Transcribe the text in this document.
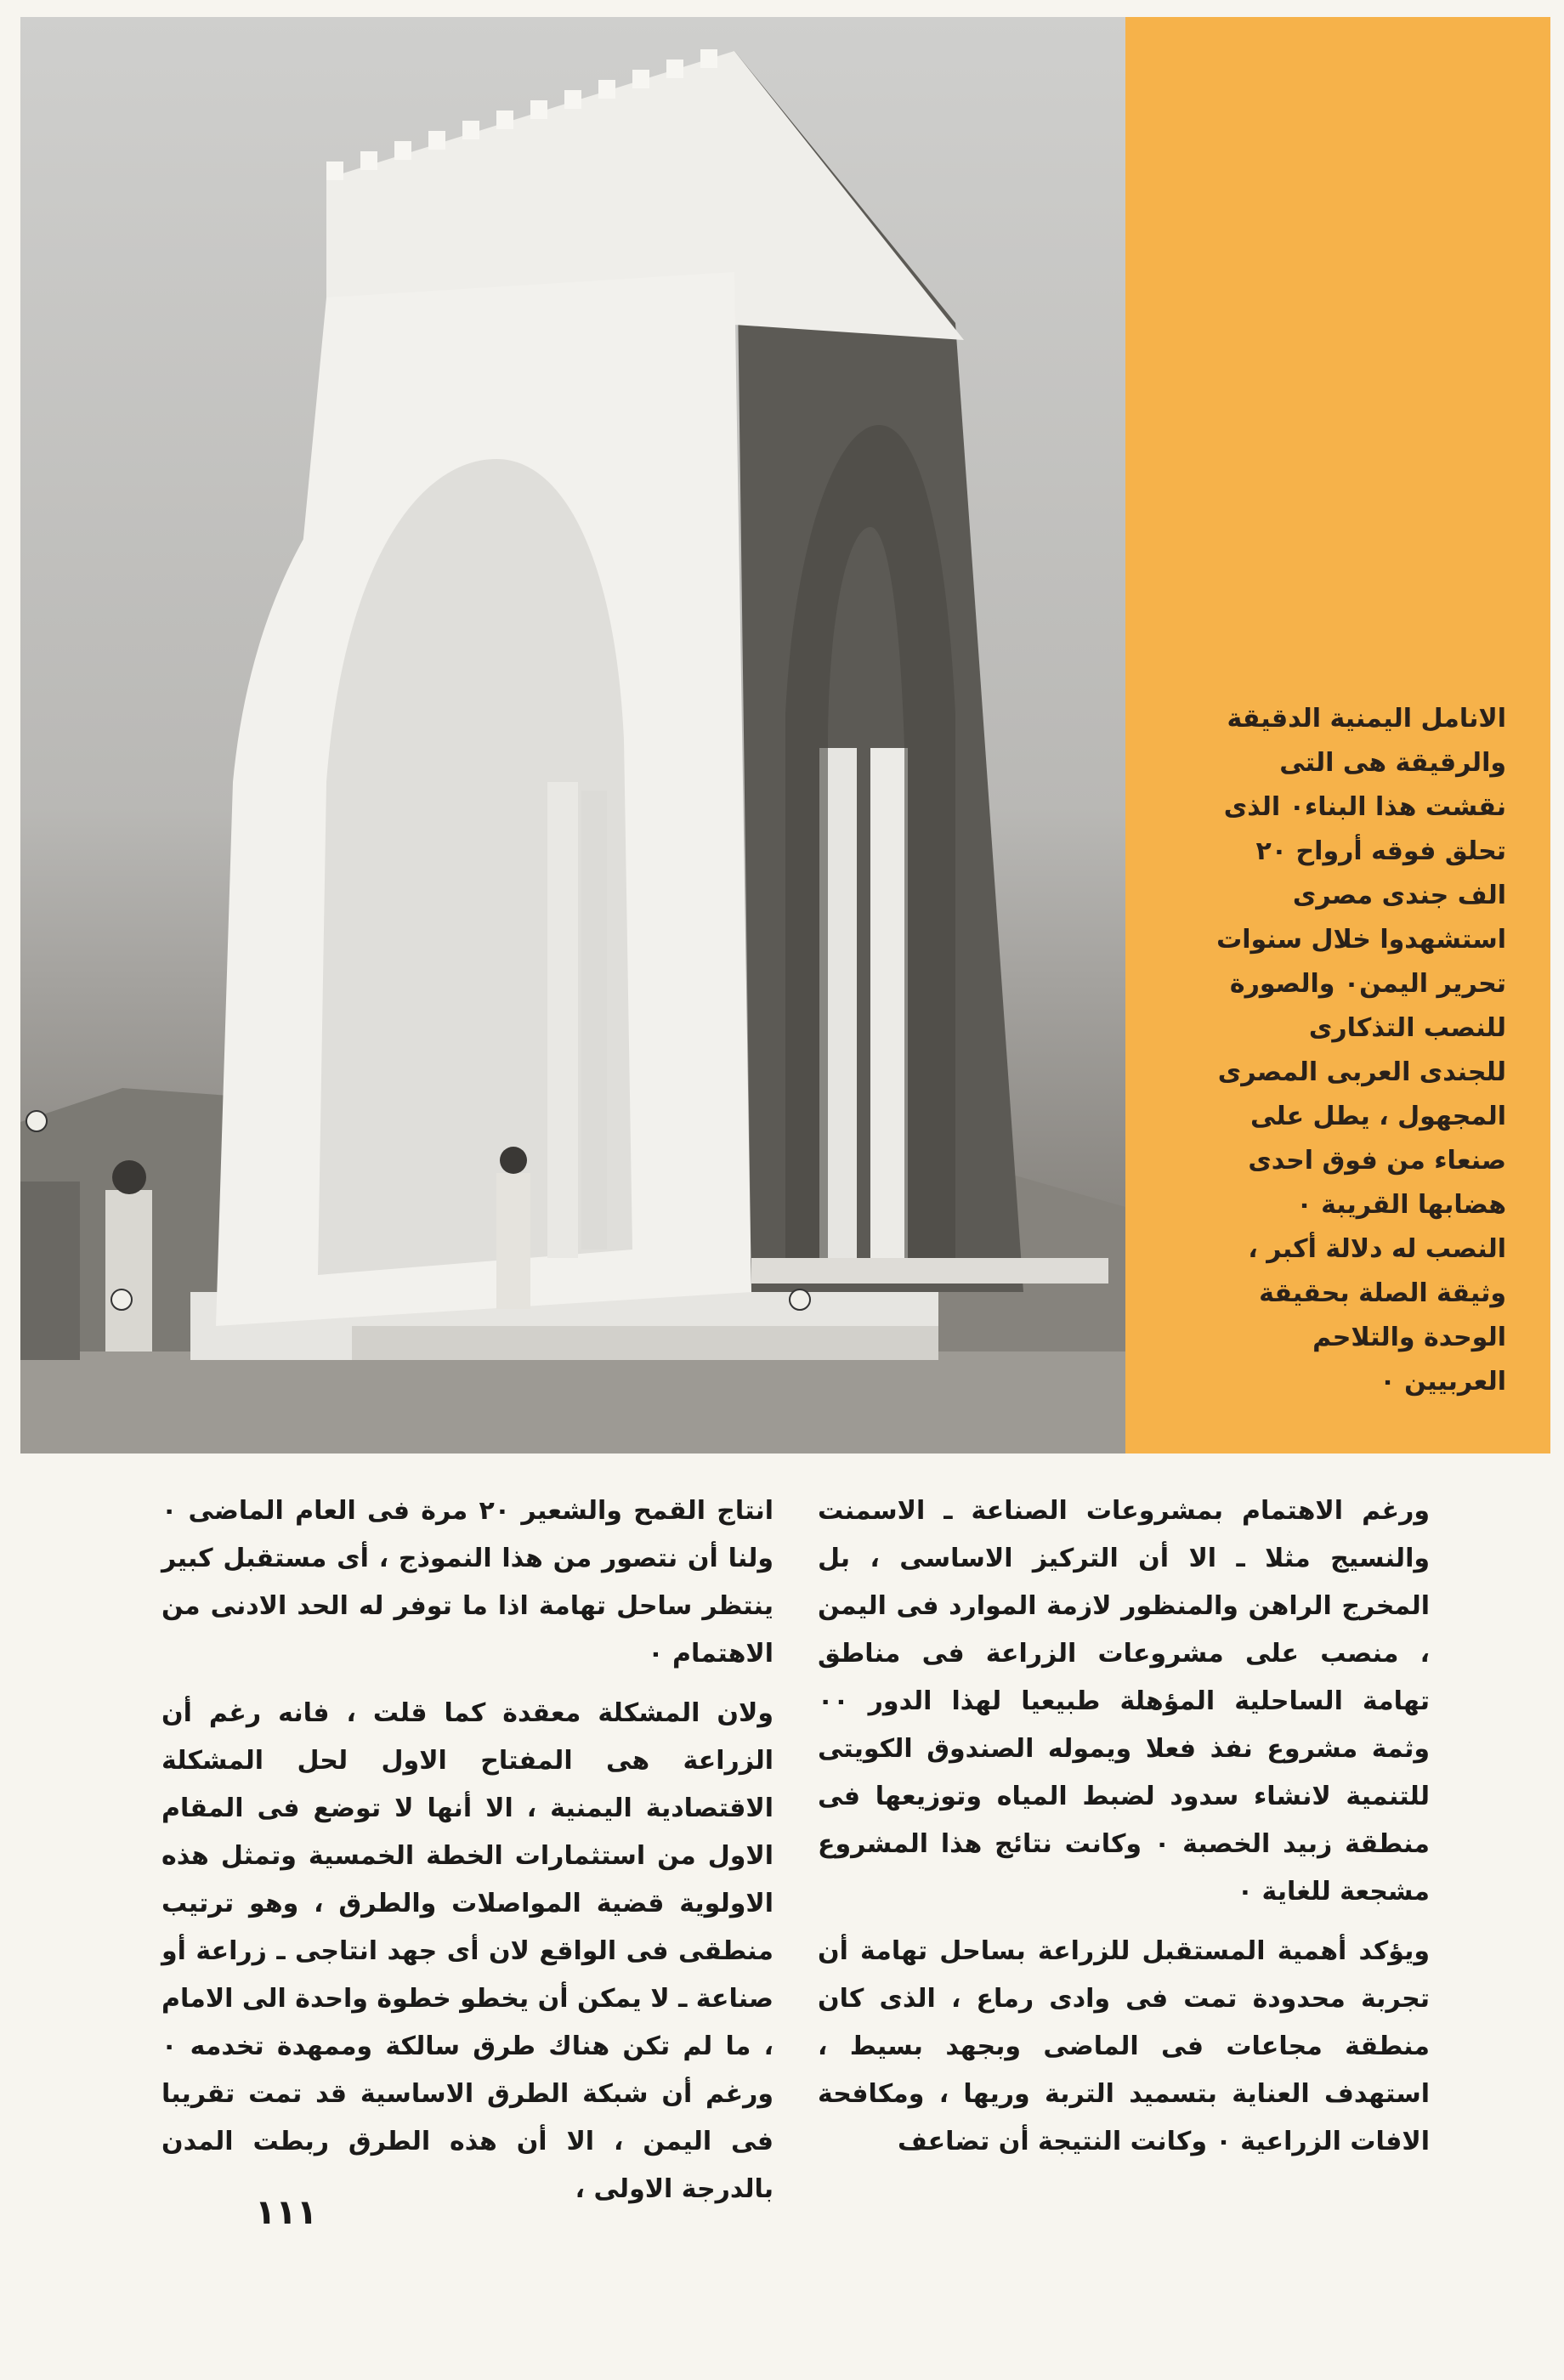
الانامل اليمنية الدقيقة
والرقيقة هى التى
نقشت هذا البناء٠ الذى
تحلق فوقه أرواح ٢٠
الف جندى مصرى
استشهدوا خلال سنوات
تحرير اليمن٠ والصورة
للنصب التذكارى
للجندى العربى المصرى
المجهول ، يطل على
صنعاء من فوق احدى
هضابها القريبة ٠
النصب له دلالة أكبر ،
وثيقة الصلة بحقيقة
الوحدة والتلاحم
العربيين ٠

ورغم الاهتمام بمشروعات الصناعة ـ الاسمنت والنسيج مثلا ـ الا أن التركيز الاساسى ، بل المخرج الراهن والمنظور لازمة الموارد فى اليمن ، منصب على مشروعات الزراعة فى مناطق تهامة الساحلية المؤهلة طبيعيا لهذا الدور ٠٠ وثمة مشروع نفذ فعلا ويموله الصندوق الكويتى للتنمية لانشاء سدود لضبط المياه وتوزيعها فى منطقة زبيد الخصبة ٠ وكانت نتائج هذا المشروع مشجعة للغاية ٠

ويؤكد أهمية المستقبل للزراعة بساحل تهامة أن تجربة محدودة تمت فى وادى رماع ، الذى كان منطقة مجاعات فى الماضى وبجهد بسيط ، استهدف العناية بتسميد التربة وريها ، ومكافحة الافات الزراعية ٠ وكانت النتيجة أن تضاعف

انتاج القمح والشعير ٢٠ مرة فى العام الماضى ٠ ولنا أن نتصور من هذا النموذج ، أى مستقبل كبير ينتظر ساحل تهامة اذا ما توفر له الحد الادنى من الاهتمام ٠

ولان المشكلة معقدة كما قلت ، فانه رغم أن الزراعة هى المفتاح الاول لحل المشكلة الاقتصادية اليمنية ، الا أنها لا توضع فى المقام الاول من استثمارات الخطة الخمسية وتمثل هذه الاولوية قضية المواصلات والطرق ، وهو ترتيب منطقى فى الواقع لان أى جهد انتاجى ـ زراعة أو صناعة ـ لا يمكن أن يخطو خطوة واحدة الى الامام ، ما لم تكن هناك طرق سالكة وممهدة تخدمه ٠ ورغم أن شبكة الطرق الاساسية قد تمت تقريبا فى اليمن ، الا أن هذه الطرق ربطت المدن بالدرجة الاولى ،

١١١
